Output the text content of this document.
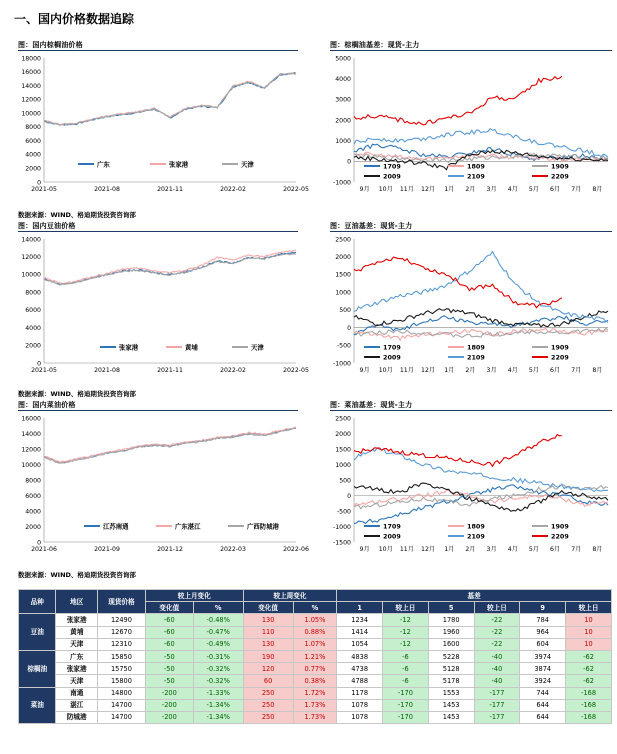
一、国内价格数据追踪
图：国内棕榈油价格	图：棕榈油基差：现货-主力
0
2000
4000
6000
8000
10000
12000
14000
16000
18000
2021-05	2021-08	2021-11	2022-02	2022-05
广东	张家港	天津
-1000
0
1000
2000
3000
4000
5000
9月 10月 11月 12月 1月 2月 3月 4月 5月 6月 7月 8月
1709	1809	1909
2009	2109	2209
数据来源：WIND、格迪期货投资咨询部
图：国内豆油价格	图：豆油基差：现货-主力
0
2000
4000
6000
8000
10000
12000
14000
2021-05	2021-08	2021-11	2022-02	2022-05
张家港	黄埔	天津
-1000
-500
0
500
1000
1500
2000
2500
9月 10月 11月 12月 1月 2月 3月 4月 5月 6月 7月 8月
1709	1809	1909
2009	2109	2209
数据来源：WIND、格迪期货投资咨询部
图：国内菜油价格	图：菜油基差：现货-主力
0
2000
4000
6000
8000
10000
12000
14000
16000
2021-06	2021-09	2021-12	2022-03	2022-06
江苏南通	广东湛江	广西防城港
-1500
-1000
-500
0
500
1000
1500
2000
2500
9月 10月 11月 12月 1月 2月 3月 4月 5月 6月 7月 8月
1709	1809	1909
2009	2109	2209
数据来源：WIND、格迪期货投资咨询部
品种	地区	现货价格	较上月变化		较上周变化		基差					
			变化值	%	变化值	%	1	较上日	5	较上日	9	较上日
豆油	张家港	12490	-60	-0.48%	130	1.05%	1234	-12	1780	-22	784	10
	黄埔	12670	-60	-0.47%	110	0.88%	1414	-12	1960	-22	964	10
	天津	12310	-60	-0.49%	130	1.07%	1054	-12	1600	-22	604	10
棕榈油	广东	15850	-50	-0.31%	190	1.21%	4838	-6	5228	-40	3974	-62
	张家港	15750	-50	-0.32%	120	0.77%	4738	-6	5128	-40	3874	-62
	天津	15800	-50	-0.32%	60	0.38%	4788	-6	5178	-40	3924	-62
菜油	南通	14800	-200	-1.33%	250	1.72%	1178	-170	1553	-177	744	-168
	湛江	14700	-200	-1.34%	250	1.73%	1078	-170	1453	-177	644	-168
	防城港	14700	-200	-1.34%	250	1.73%	1078	-170	1453	-177	644	-168
